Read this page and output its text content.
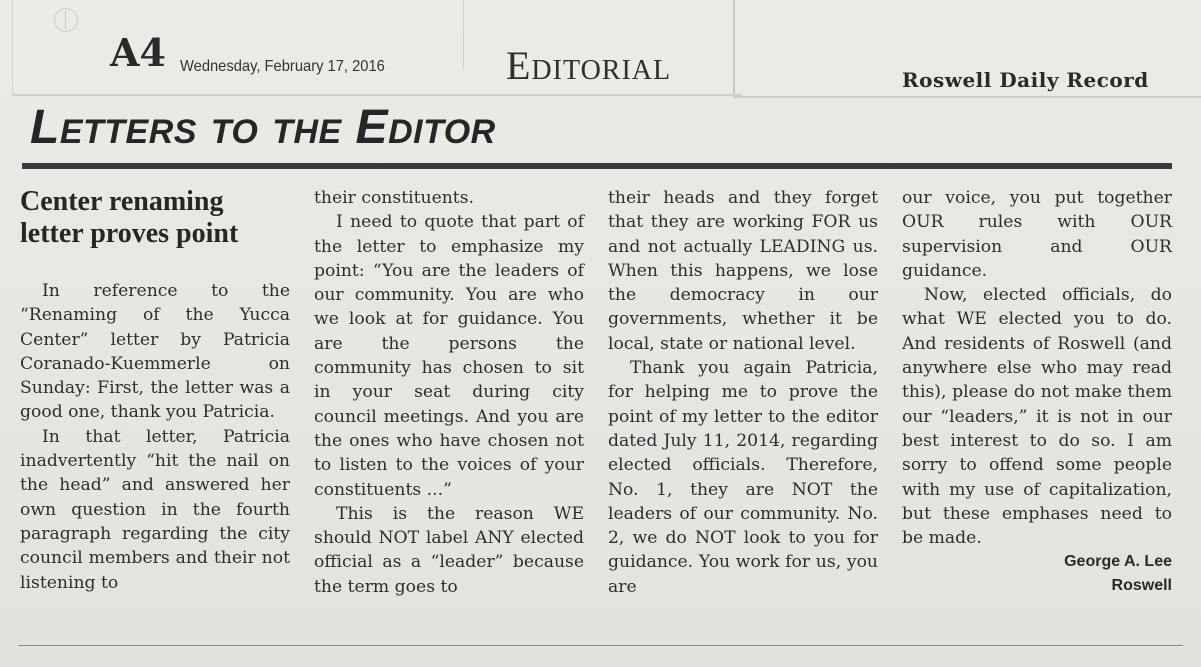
A4 Wednesday, February 17, 2016	Editorial	Roswell Daily Record
Letters to the Editor

Center renaming letter proves point

In reference to the “Renaming of the Yucca Center” letter by Patricia Coranado-Kuemmerle on Sunday: First, the letter was a good one, thank you Patricia.

In that letter, Patricia inadvertently “hit the nail on the head” and answered her own question in the fourth paragraph regarding the city council members and their not listening to

their constituents.

I need to quote that part of the letter to emphasize my point: “You are the leaders of our community. You are who we look at for guidance. You are the persons the community has chosen to sit in your seat during city council meetings. And you are the ones who have chosen not to listen to the voices of your constituents ...”

This is the reason WE should NOT label ANY elected official as a “leader” because the term goes to

their heads and they forget that they are working FOR us and not actually LEADING us. When this happens, we lose the democracy in our governments, whether it be local, state or national level.

Thank you again Patricia, for helping me to prove the point of my letter to the editor dated July 11, 2014, regarding elected officials. Therefore, No. 1, they are NOT the leaders of our community. No. 2, we do NOT look to you for guidance. You work for us, you are

our voice, you put together OUR rules with OUR supervision and OUR guidance.

Now, elected officials, do what WE elected you to do. And residents of Roswell (and anywhere else who may read this), please do not make them our “leaders,” it is not in our best interest to do so. I am sorry to offend some people with my use of capitalization, but these emphases need to be made.

George A. Lee
Roswell
